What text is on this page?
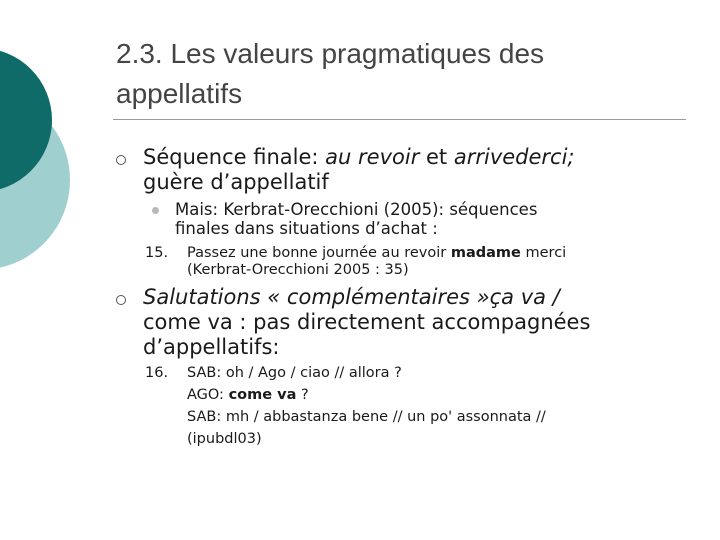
2.3. Les valeurs pragmatiques des
appellatifs
Séquence finale: au revoir et arrivederci;
guère d’appellatif
Mais: Kerbrat-Orecchioni (2005): séquences
finales dans situations d’achat :
15. Passez une bonne journée au revoir madame merci
(Kerbrat-Orecchioni 2005 : 35)
Salutations « complémentaires »ça va /
come va : pas directement accompagnées
d’appellatifs:
16. SAB: oh / Ago / ciao // allora ?
AGO: come va ?
SAB: mh / abbastanza bene // un po' assonnata //
(ipubdl03)
